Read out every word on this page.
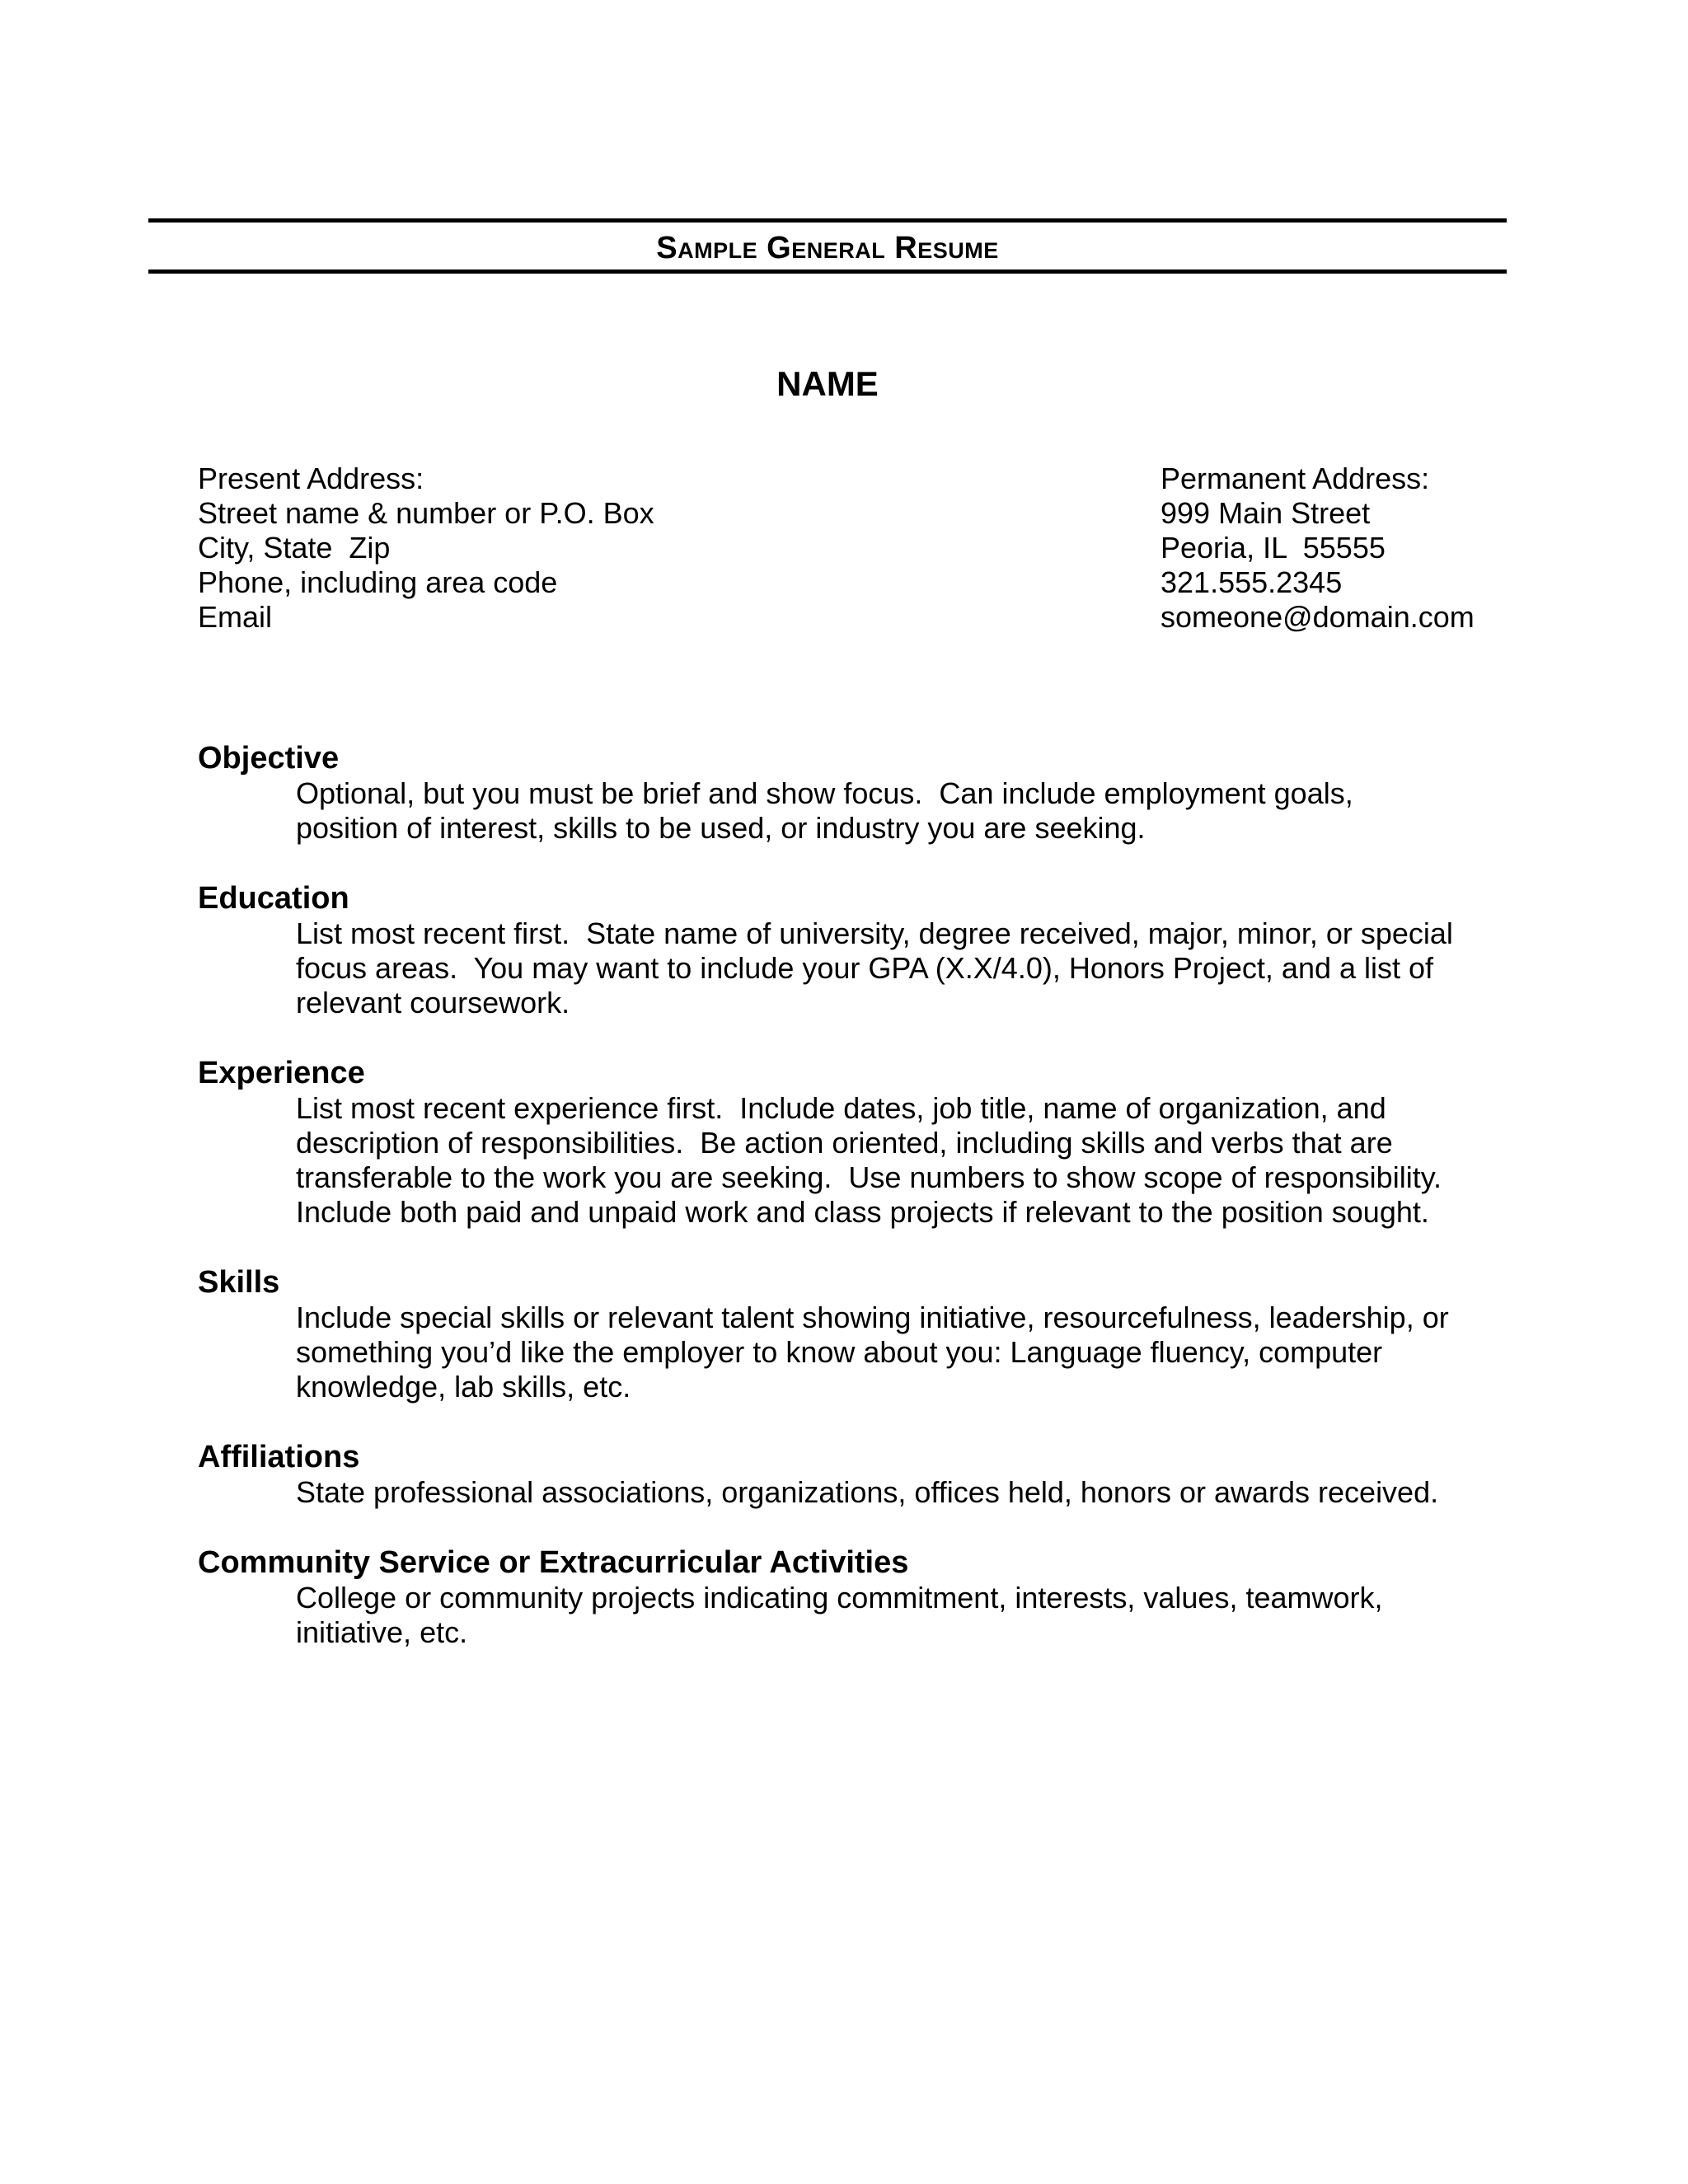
Sample General Resume
NAME
Present Address:
Street name & number or P.O. Box
City, State  Zip
Phone, including area code
Email
Permanent Address:
999 Main Street
Peoria, IL  55555
321.555.2345
someone@domain.com
Objective
Optional, but you must be brief and show focus.  Can include employment goals,
position of interest, skills to be used, or industry you are seeking.
Education
List most recent first.  State name of university, degree received, major, minor, or special
focus areas.  You may want to include your GPA (X.X/4.0), Honors Project, and a list of
relevant coursework.
Experience
List most recent experience first.  Include dates, job title, name of organization, and
description of responsibilities.  Be action oriented, including skills and verbs that are
transferable to the work you are seeking.  Use numbers to show scope of responsibility.
Include both paid and unpaid work and class projects if relevant to the position sought.
Skills
Include special skills or relevant talent showing initiative, resourcefulness, leadership, or
something you’d like the employer to know about you: Language fluency, computer
knowledge, lab skills, etc.
Affiliations
State professional associations, organizations, offices held, honors or awards received.
Community Service or Extracurricular Activities
College or community projects indicating commitment, interests, values, teamwork,
initiative, etc.
